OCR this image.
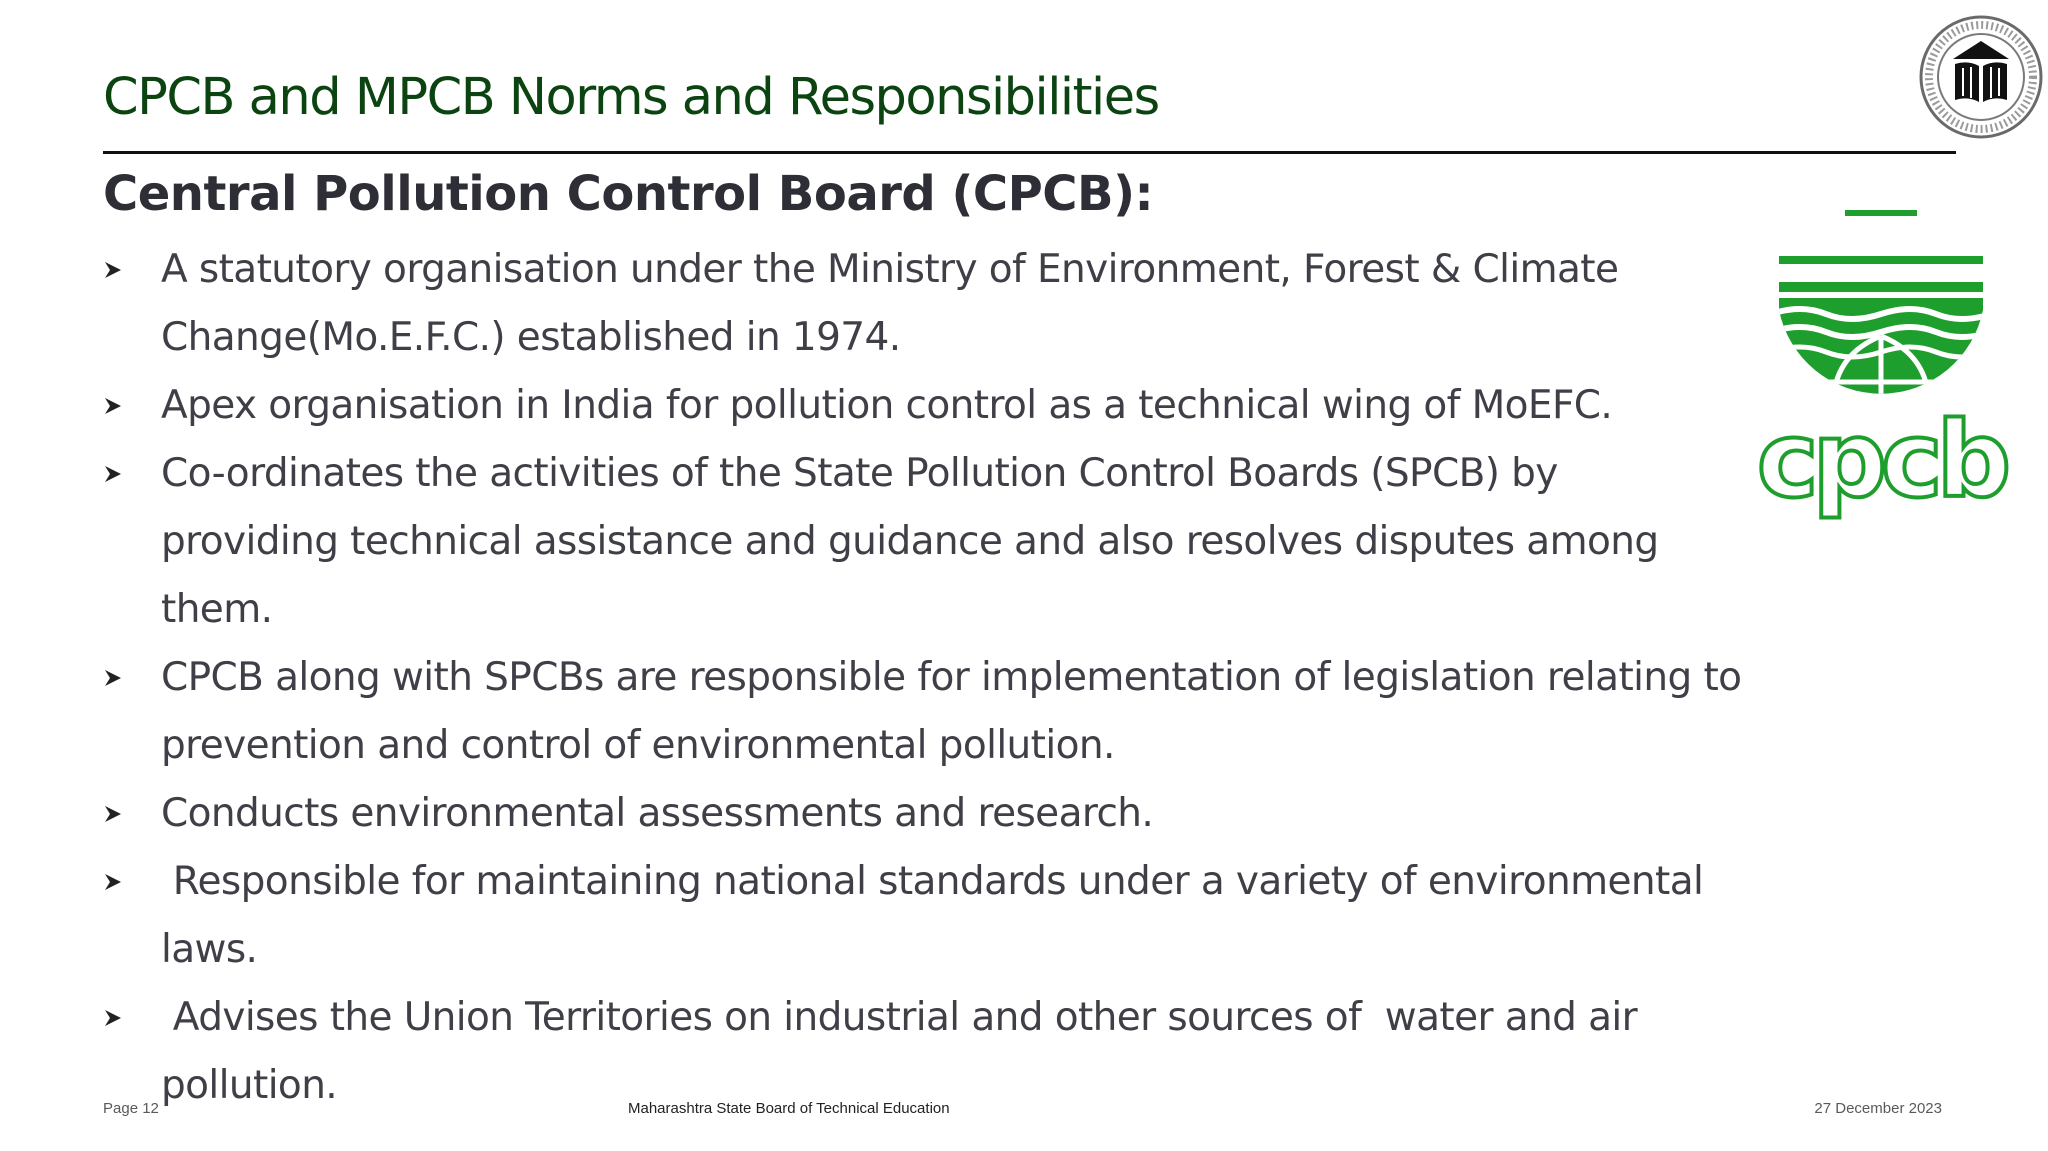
CPCB and MPCB Norms and Responsibilities
Central Pollution Control Board (CPCB):
A statutory organisation under the Ministry of Environment, Forest & Climate Change(Mo.E.F.C.) established in 1974.
Apex organisation in India for pollution control as a technical wing of MoEFC.
Co-ordinates the activities of the State Pollution Control Boards (SPCB) by providing technical assistance and guidance and also resolves disputes among them.
CPCB along with SPCBs are responsible for implementation of legislation relating to prevention and control of environmental pollution.
Conducts environmental assessments and research.
Responsible for maintaining national standards under a variety of environmental laws.
Advises the Union Territories on industrial and other sources of  water and air pollution.
cpcb
Page 12	Maharashtra State Board of Technical Education	27 December 2023
